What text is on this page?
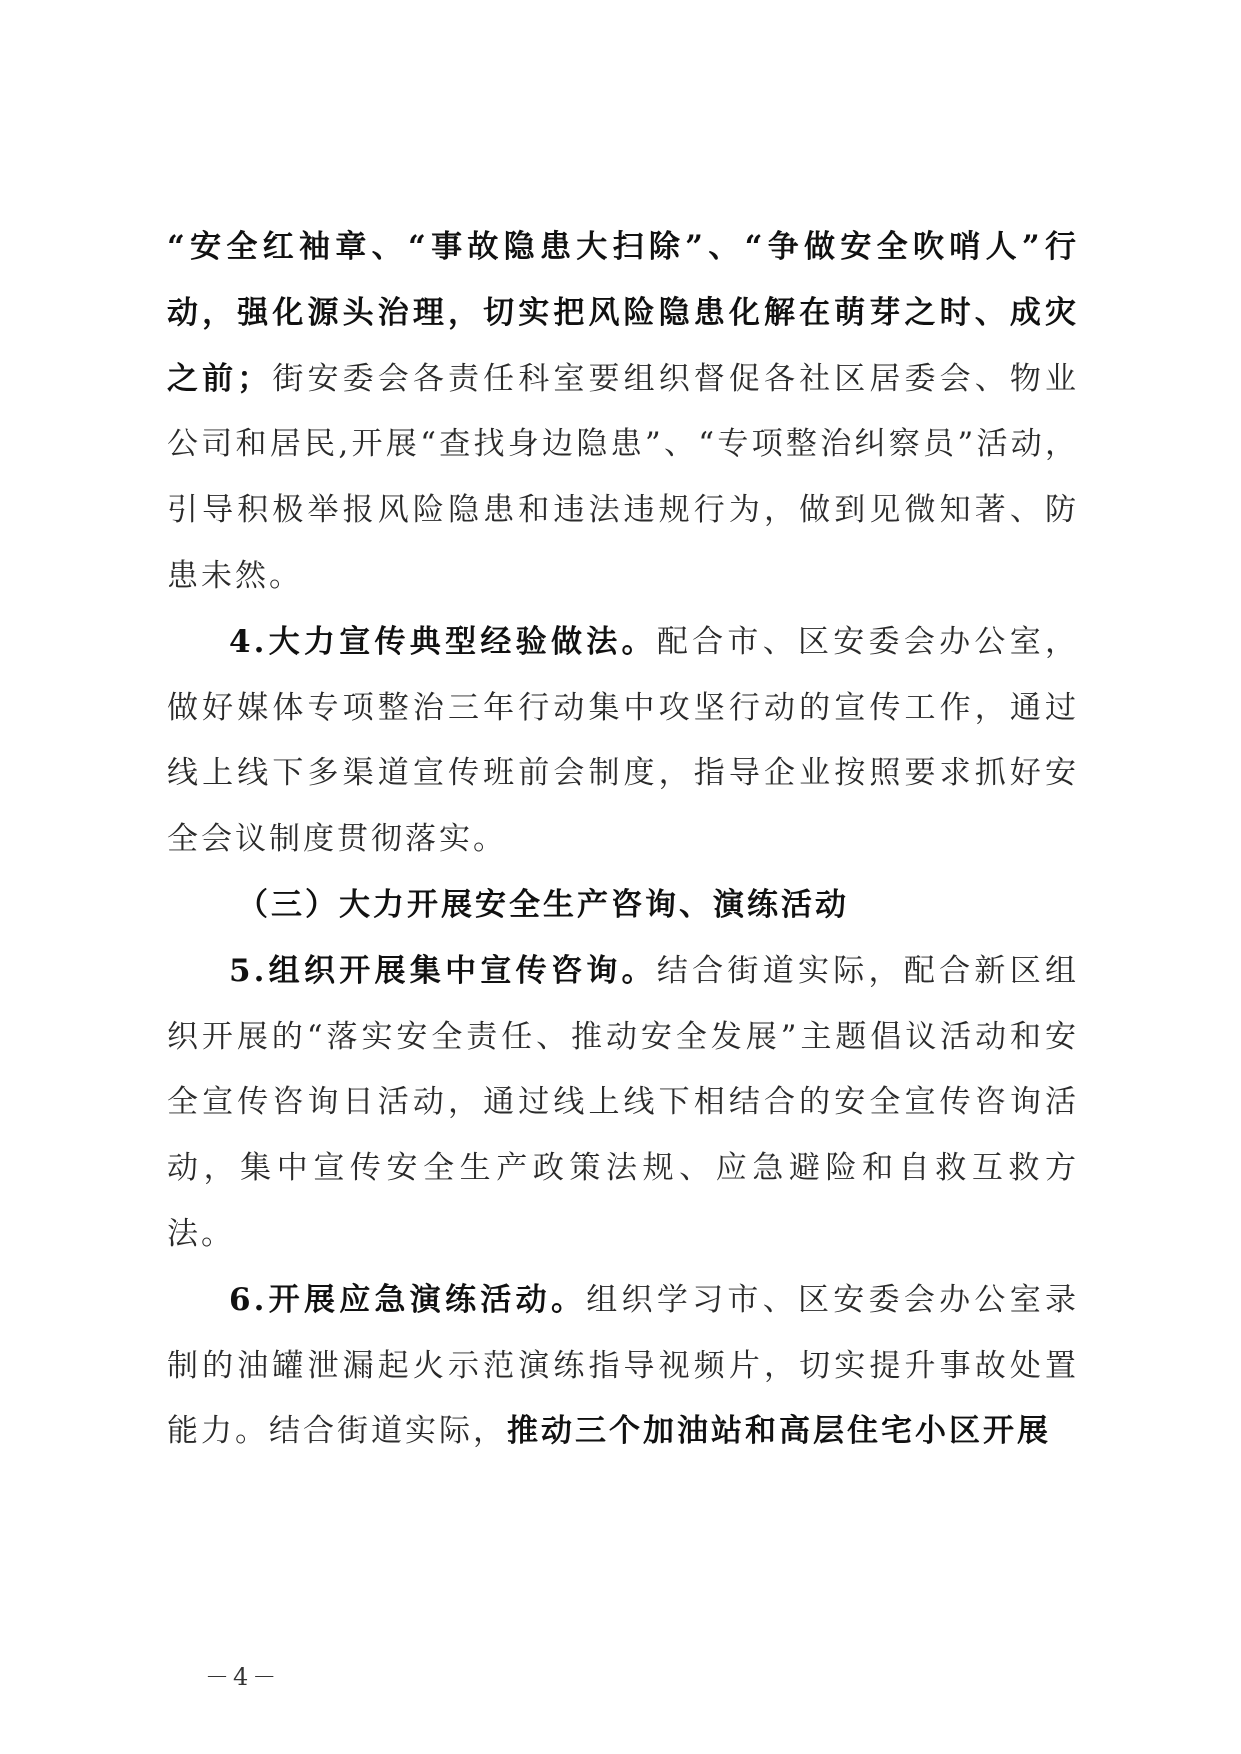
“安全红袖章、“事故隐患大扫除”、“争做安全吹哨人”行动，强化源头治理，切实把风险隐患化解在萌芽之时、成灾之前；街安委会各责任科室要组织督促各社区居委会、物业公司和居民,开展“查找身边隐患”、“专项整治纠察员”活动，引导积极举报风险隐患和违法违规行为，做到见微知著、防患未然。

4.大力宣传典型经验做法。配合市、区安委会办公室，做好媒体专项整治三年行动集中攻坚行动的宣传工作，通过线上线下多渠道宣传班前会制度，指导企业按照要求抓好安全会议制度贯彻落实。

（三）大力开展安全生产咨询、演练活动

5.组织开展集中宣传咨询。结合街道实际，配合新区组织开展的“落实安全责任、推动安全发展”主题倡议活动和安全宣传咨询日活动，通过线上线下相结合的安全宣传咨询活动，集中宣传安全生产政策法规、应急避险和自救互救方法。

6.开展应急演练活动。组织学习市、区安委会办公室录制的油罐泄漏起火示范演练指导视频片，切实提升事故处置能力。结合街道实际，推动三个加油站和高层住宅小区开展

－4－
